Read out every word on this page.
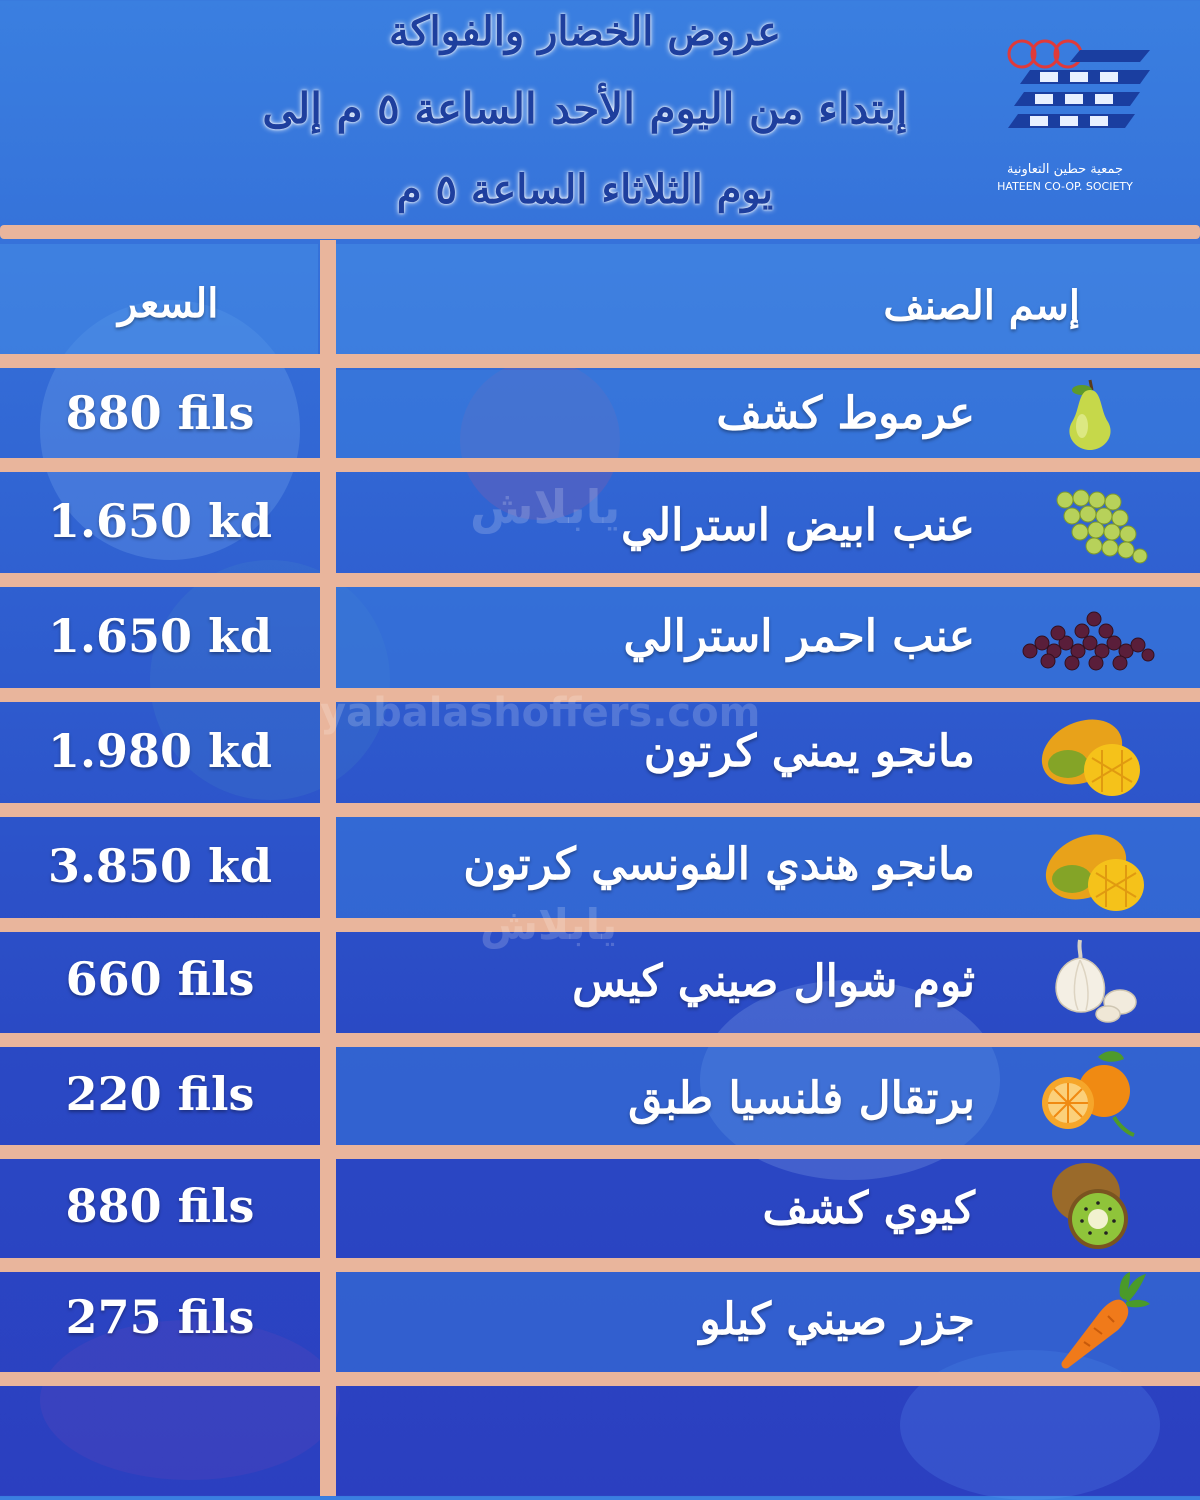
عروض الخضار والفواكة
إبتداء من اليوم الأحد الساعة ٥ م إلى
يوم الثلاثاء الساعة ٥ م	جمعية حطين التعاونية
HATEEN CO-OP. SOCIETY
السعر	إسم الصنف
يابلاش
yabalashoffers.com
يابلاش
880 fils	عرموط كشف
1.650 kd	عنب ابيض استرالي
1.650 kd	عنب احمر استرالي
1.980 kd	مانجو يمني كرتون
3.850 kd	مانجو هندي الفونسي كرتون
660 fils	ثوم شوال صيني كيس
220 fils	برتقال فلنسيا طبق
880 fils	كيوي كشف
275 fils	جزر صيني كيلو
